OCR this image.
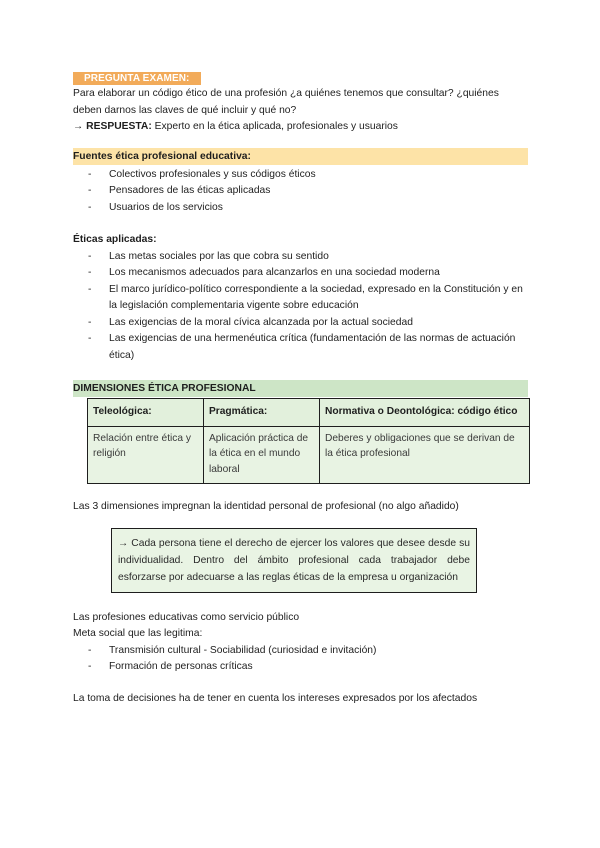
PREGUNTA EXAMEN:

Para elaborar un código ético de una profesión ¿a quiénes tenemos que consultar? ¿quiénes deben darnos las claves de qué incluir y qué no?

→ RESPUESTA: Experto en la ética aplicada, profesionales y usuarios

Fuentes ética profesional educativa:
- Colectivos profesionales y sus códigos éticos
- Pensadores de las éticas aplicadas
- Usuarios de los servicios
Éticas aplicadas:
- Las metas sociales por las que cobra su sentido
- Los mecanismos adecuados para alcanzarlos en una sociedad moderna
- El marco jurídico-político correspondiente a la sociedad, expresado en la Constitución y en la legislación complementaria vigente sobre educación
- Las exigencias de la moral cívica alcanzada por la actual sociedad
- Las exigencias de una hermenéutica crítica (fundamentación de las normas de actuación ética)
DIMENSIONES ÉTICA PROFESIONAL
Teleológica:	Pragmática:	Normativa o Deontológica: código ético
Relación entre ética y religión	Aplicación práctica de la ética en el mundo laboral	Deberes y obligaciones que se derivan de la ética profesional

Las 3 dimensiones impregnan la identidad personal de profesional (no algo añadido)

→ Cada persona tiene el derecho de ejercer los valores que desee desde su individualidad. Dentro del ámbito profesional cada trabajador debe esforzarse por adecuarse a las reglas éticas de la empresa u organización

Las profesiones educativas como servicio público

Meta social que las legitima:

- Transmisión cultural - Sociabilidad (curiosidad e invitación)
- Formación de personas críticas

La toma de decisiones ha de tener en cuenta los intereses expresados por los afectados
